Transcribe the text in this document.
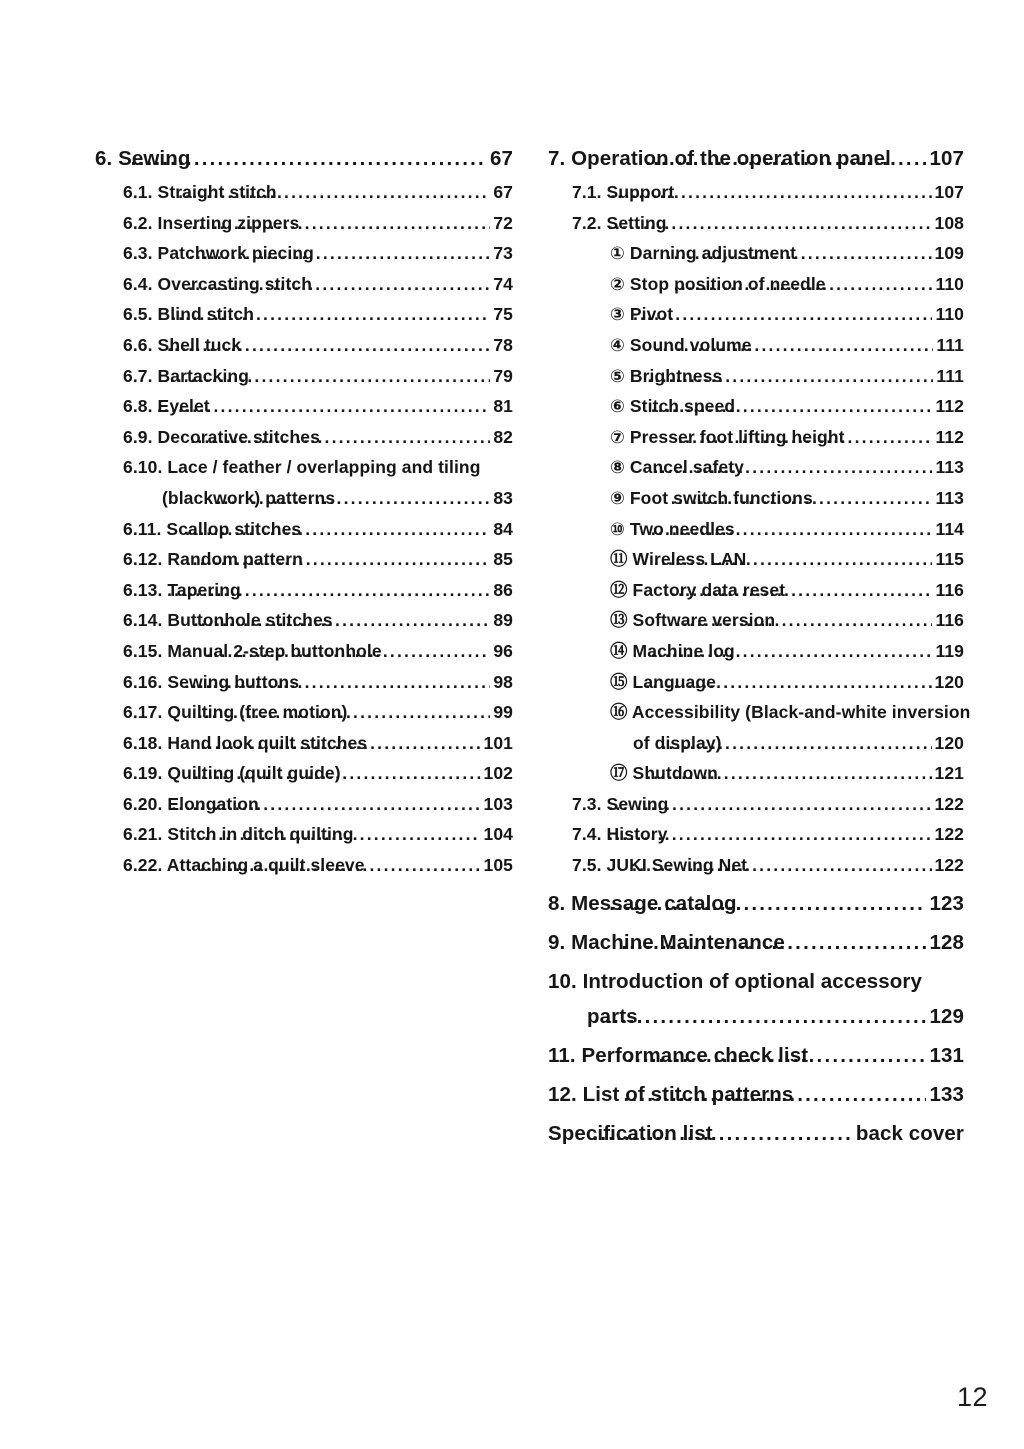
6. Sewing .....	67
6.1. Straight stitch .....	67
6.2. Inserting zippers .....	72
6.3. Patchwork piecing .....	73
6.4. Overcasting stitch .....	74
6.5. Blind stitch .....	75
6.6. Shell tuck .....	78
6.7. Bartacking .....	79
6.8. Eyelet .....	81
6.9. Decorative stitches .....	82
6.10. Lace / feather / overlapping and tiling
(blackwork) patterns .....	83
6.11. Scallop stitches .....	84
6.12. Random pattern .....	85
6.13. Tapering .....	86
6.14. Buttonhole stitches .....	89
6.15. Manual 2-step buttonhole .....	96
6.16. Sewing buttons .....	98
6.17. Quilting (free motion) .....	99
6.18. Hand look quilt stitches .....	101
6.19. Quilting (quilt guide) .....	102
6.20. Elongation .....	103
6.21. Stitch in ditch quilting .....	104
6.22. Attaching a quilt sleeve .....	105
7. Operation of the operation panel ..... 107
7.1. Support .....	107
7.2. Setting .....	108
① Darning adjustment .....	109
② Stop position of needle .....	110
③ Pivot .....	110
④ Sound volume .....	111
⑤ Brightness .....	111
⑥ Stitch speed .....	112
⑦ Presser foot lifting height .....	112
⑧ Cancel safety .....	113
⑨ Foot switch functions .....	113
⑩ Two needles .....	114
⑪ Wireless LAN .....	115
⑫ Factory data reset .....	116
⑬ Software version .....	116
⑭ Machine log .....	119
⑮ Language .....	120
⑯ Accessibility (Black-and-white inversion
of display) .....	120
⑰ Shutdown .....	121
7.3. Sewing .....	122
7.4. History .....	122
7.5. JUKI Sewing Net .....	122
8. Message catalog .....	123
9. Machine Maintenance .....	128
10. Introduction of optional accessory
parts .....	129
11. Performance check list .....	131
12. List of stitch patterns .....	133
Specification list .....	back cover
12
